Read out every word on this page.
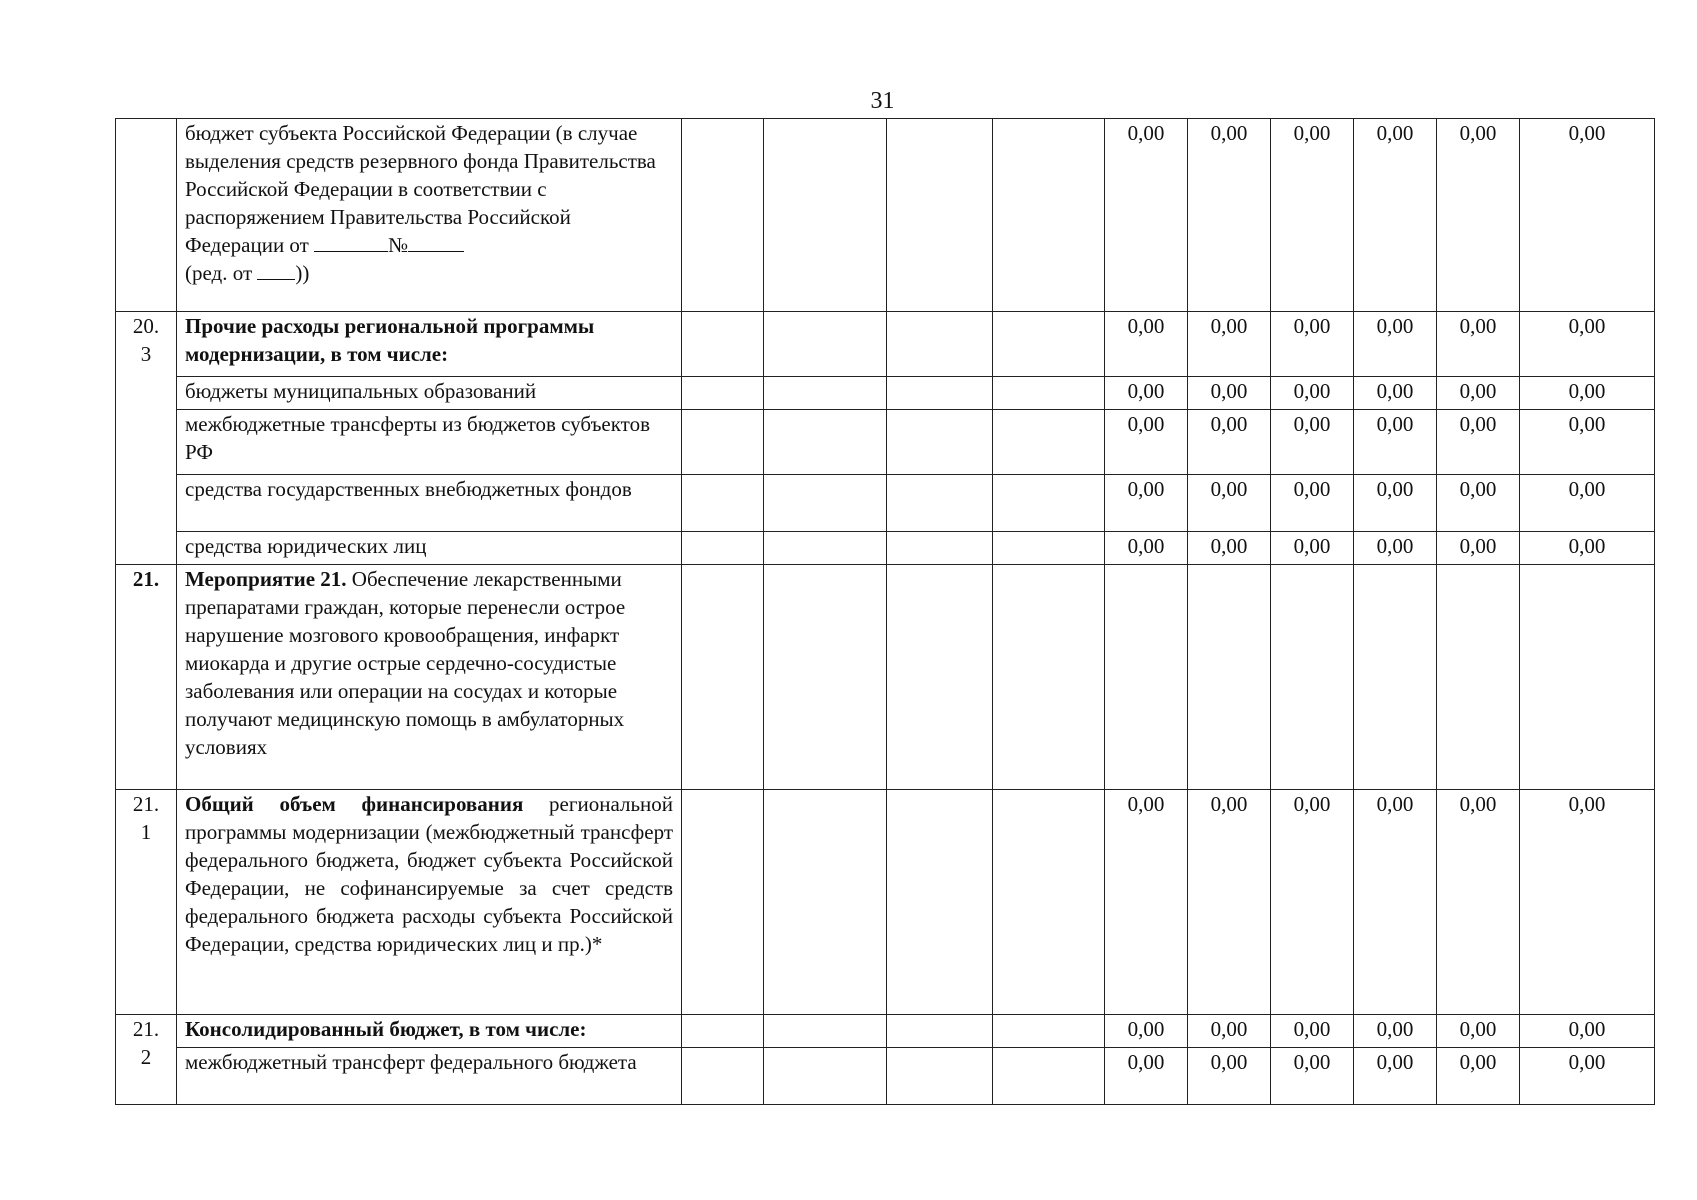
31
	бюджет субъекта Российской Федерации (в случае выделения средств резервного фонда Правительства Российской Федерации в соответствии с распоряжением Правительства Российской Федерации от №
(ред. от ))					0,00	0,00	0,00	0,00	0,00	0,00
20.
3	Прочие расходы региональной программы модернизации, в том числе:					0,00	0,00	0,00	0,00	0,00	0,00
	бюджеты муниципальных образований					0,00	0,00	0,00	0,00	0,00	0,00
	межбюджетные трансферты из бюджетов субъектов РФ					0,00	0,00	0,00	0,00	0,00	0,00
	средства государственных внебюджетных фондов					0,00	0,00	0,00	0,00	0,00	0,00
	средства юридических лиц					0,00	0,00	0,00	0,00	0,00	0,00
21.	Мероприятие 21. Обеспечение лекарственными препаратами граждан, которые перенесли острое нарушение мозгового кровообращения, инфаркт миокарда и другие острые сердечно-сосудистые заболевания или операции на сосудах и которые получают медицинскую помощь в амбулаторных условиях										
21.
1	Общий объем финансирования региональной программы модернизации (межбюджетный трансферт федерального бюджета, бюджет субъекта Российской Федерации, не софинансируемые за счет средств федерального бюджета расходы субъекта Российской Федерации, средства юридических лиц и пр.)*					0,00	0,00	0,00	0,00	0,00	0,00
21.
2	Консолидированный бюджет, в том числе:					0,00	0,00	0,00	0,00	0,00	0,00
	межбюджетный трансферт федерального бюджета					0,00	0,00	0,00	0,00	0,00	0,00
